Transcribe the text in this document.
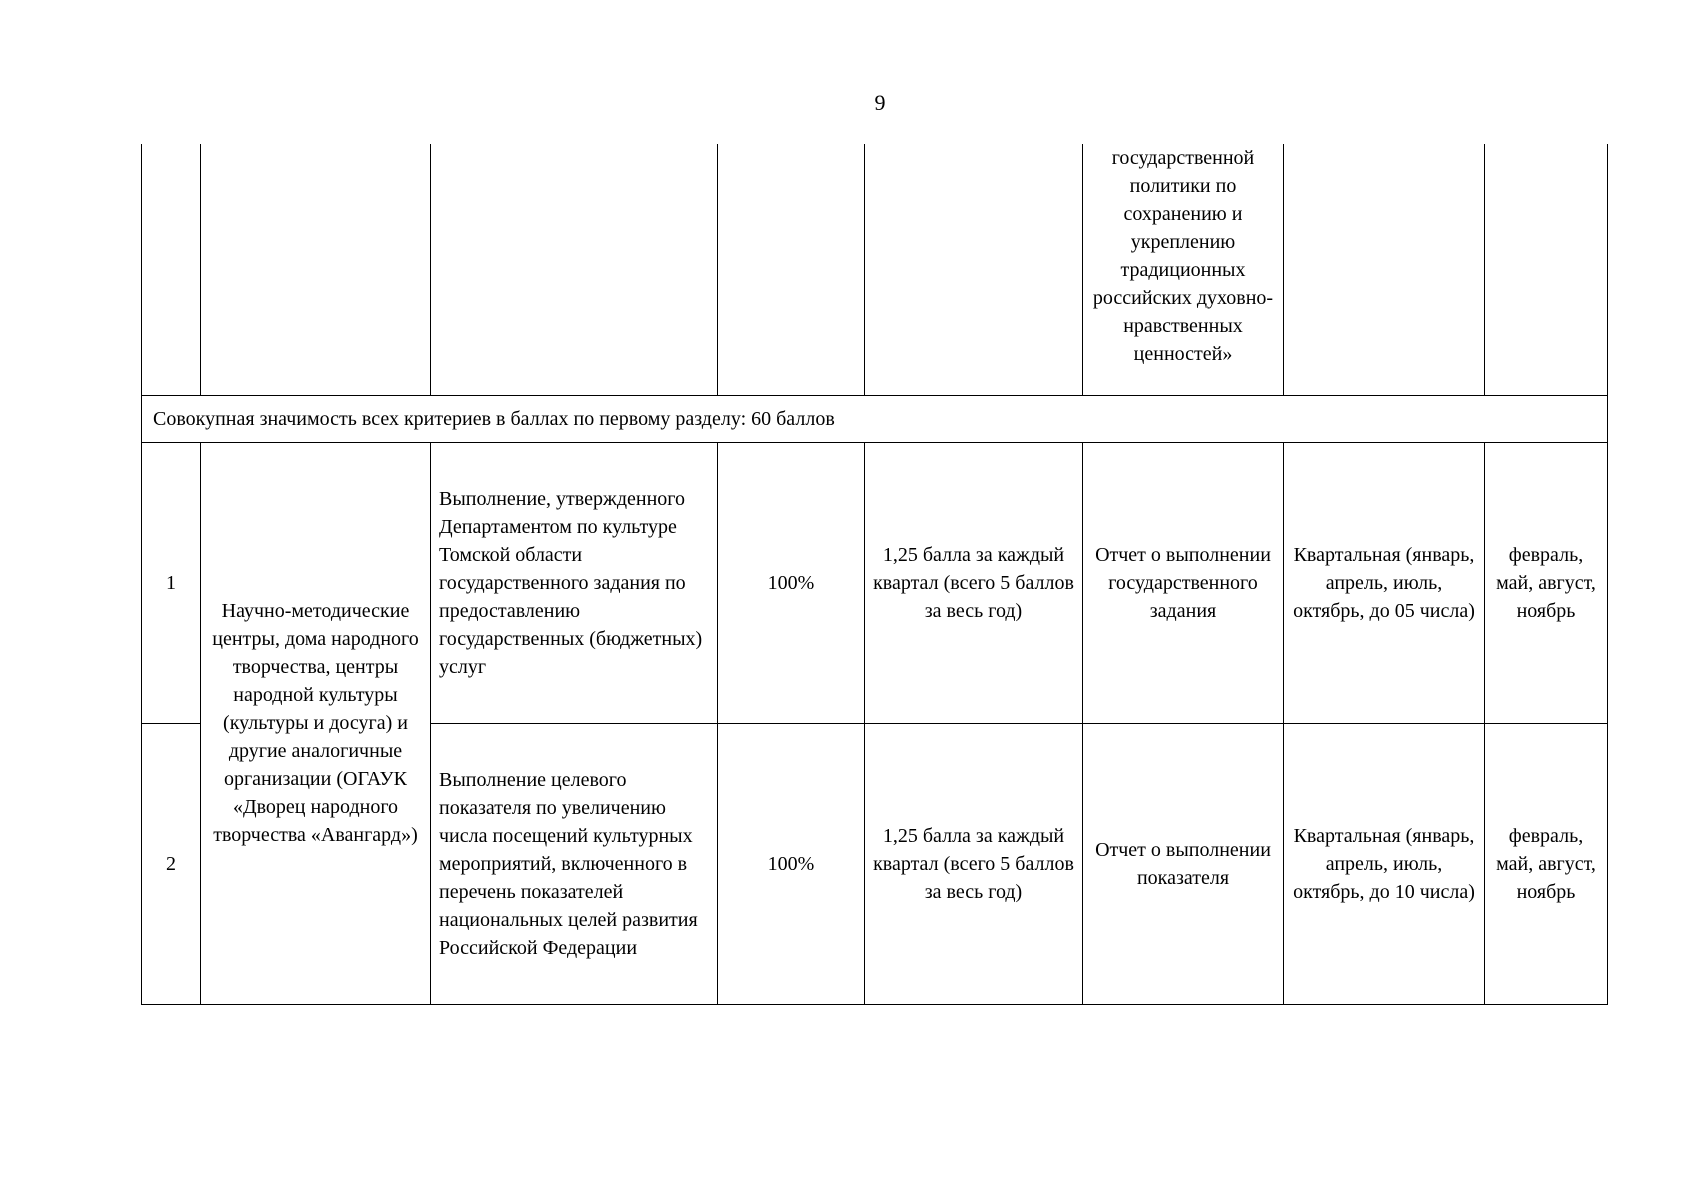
9
					государственной политики по сохранению и укреплению традиционных российских духовно-нравственных ценностей»		
Совокупная значимость всех критериев в баллах по первому разделу: 60 баллов							
1	Научно-методические центры, дома народного творчества, центры народной культуры (культуры и досуга) и другие аналогичные организации (ОГАУК «Дворец народного творчества «Авангард»)	Выполнение, утвержденного Департаментом по культуре Томской области государственного задания по предоставлению государственных (бюджетных) услуг	100%	1,25 балла за каждый квартал (всего 5 баллов за весь год)	Отчет о выполнении государственного задания	Квартальная (январь, апрель, июль, октябрь, до 05 числа)	февраль, май, август, ноябрь
2		Выполнение целевого показателя по увеличению числа посещений культурных мероприятий, включенного в перечень показателей национальных целей развития Российской Федерации	100%	1,25 балла за каждый квартал (всего 5 баллов за весь год)	Отчет о выполнении показателя	Квартальная (январь, апрель, июль, октябрь, до 10 числа)	февраль, май, август, ноябрь
